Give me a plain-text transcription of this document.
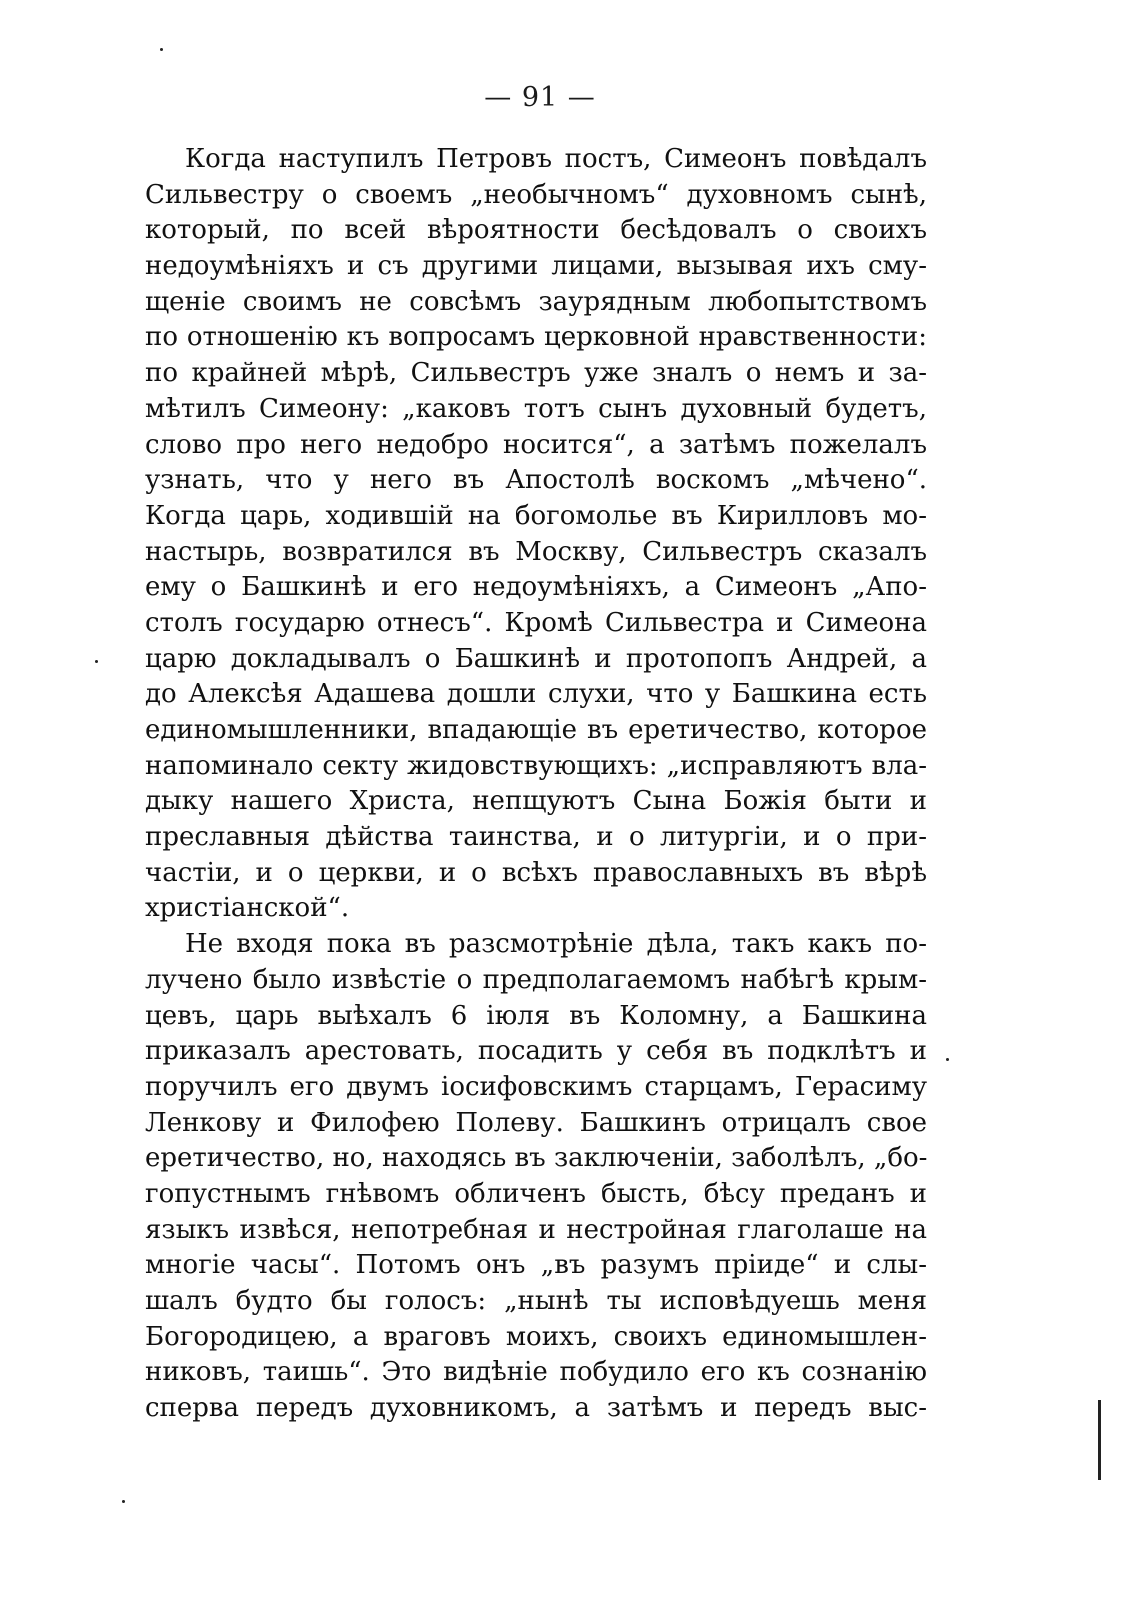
— 91 —
Когда наступилъ Петровъ постъ, Симеонъ повѣдалъ
Сильвестру о своемъ „необычномъ“ духовномъ сынѣ,
который, по всей вѣроятности бесѣдовалъ о своихъ
недоумѣніяхъ и съ другими лицами, вызывая ихъ сму-
щеніе своимъ не совсѣмъ заурядным любопытствомъ
по отношенію къ вопросамъ церковной нравственности:
по крайней мѣрѣ, Сильвестръ уже зналъ о немъ и за-
мѣтилъ Симеону: „каковъ тотъ сынъ духовный будетъ,
слово про него недобро носится“, а затѣмъ пожелалъ
узнать, что у него въ Апостолѣ воскомъ „мѣчено“.
Когда царь, ходившій на богомолье въ Кирилловъ мо-
настырь, возвратился въ Москву, Сильвестръ сказалъ
ему о Башкинѣ и его недоумѣніяхъ, а Симеонъ „Апо-
столъ государю отнесъ“. Кромѣ Сильвестра и Симеона
царю докладывалъ о Башкинѣ и протопопъ Андрей, а
до Алексѣя Адашева дошли слухи, что у Башкина есть
единомышленники, впадающіе въ еретичество, которое
напоминало секту жидовствующихъ: „исправляютъ вла-
дыку нашего Христа, непщуютъ Сына Божія быти и
преславныя дѣйства таинства, и о литургіи, и о при-
частіи, и о церкви, и о всѣхъ православныхъ въ вѣрѣ
христіанской“.
Не входя пока въ разсмотрѣніе дѣла, такъ какъ по-
лучено было извѣстіе о предполагаемомъ набѣгѣ крым-
цевъ, царь выѣхалъ 6 іюля въ Коломну, а Башкина
приказалъ арестовать, посадить у себя въ подклѣтъ и
поручилъ его двумъ іосифовскимъ старцамъ, Герасиму
Ленкову и Филофею Полеву. Башкинъ отрицалъ свое
еретичество, но, находясь въ заключеніи, заболѣлъ, „бо-
гопустнымъ гнѣвомъ обличенъ бысть, бѣсу преданъ и
языкъ извѣся, непотребная и нестройная глаголаше на
многіе часы“. Потомъ онъ „въ разумъ пріиде“ и слы-
шалъ будто бы голосъ: „нынѣ ты исповѣдуешь меня
Богородицею, а враговъ моихъ, своихъ единомышлен-
никовъ, таишь“. Это видѣніе побудило его къ сознанію
сперва передъ духовникомъ, а затѣмъ и передъ выс-
